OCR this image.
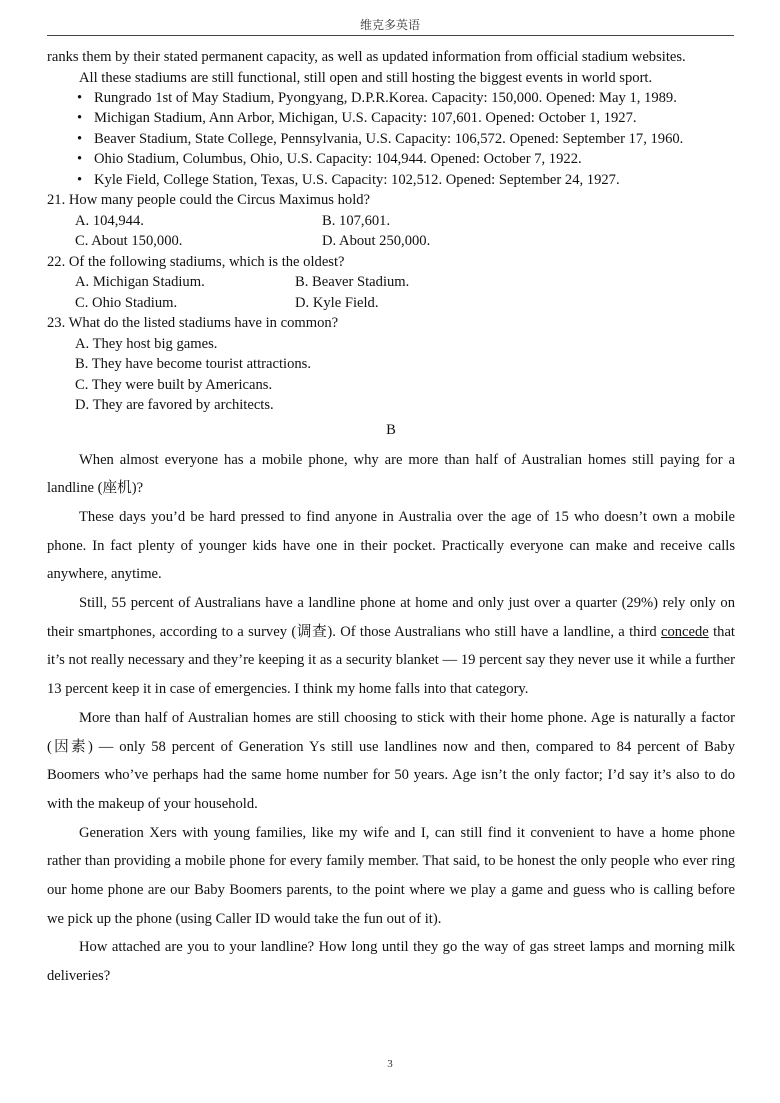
维克多英语
ranks them by their stated permanent capacity, as well as updated information from official stadium websites.
All these stadiums are still functional, still open and still hosting the biggest events in world sport.
• Rungrado 1st of May Stadium, Pyongyang, D.P.R.Korea. Capacity: 150,000. Opened: May 1, 1989.
• Michigan Stadium, Ann Arbor, Michigan, U.S. Capacity: 107,601. Opened: October 1, 1927.
• Beaver Stadium, State College, Pennsylvania, U.S. Capacity: 106,572. Opened: September 17, 1960.
• Ohio Stadium, Columbus, Ohio, U.S. Capacity: 104,944. Opened: October 7, 1922.
• Kyle Field, College Station, Texas, U.S. Capacity: 102,512. Opened: September 24, 1927.
21. How many people could the Circus Maximus hold?
A. 104,944.	B. 107,601.
C. About 150,000.	D. About 250,000.
22. Of the following stadiums, which is the oldest?
A. Michigan Stadium.	B. Beaver Stadium.
C. Ohio Stadium.	D. Kyle Field.
23. What do the listed stadiums have in common?
A. They host big games.
B. They have become tourist attractions.
C. They were built by Americans.
D. They are favored by architects.
B
When almost everyone has a mobile phone, why are more than half of Australian homes still paying for a landline (座机)?
These days you’d be hard pressed to find anyone in Australia over the age of 15 who doesn’t own a mobile phone. In fact plenty of younger kids have one in their pocket. Practically everyone can make and receive calls anywhere, anytime.
Still, 55 percent of Australians have a landline phone at home and only just over a quarter (29%) rely only on their smartphones, according to a survey (调查). Of those Australians who still have a landline, a third concede that it’s not really necessary and they’re keeping it as a security blanket — 19 percent say they never use it while a further 13 percent keep it in case of emergencies. I think my home falls into that category.
More than half of Australian homes are still choosing to stick with their home phone. Age is naturally a factor (因素) — only 58 percent of Generation Ys still use landlines now and then, compared to 84 percent of Baby Boomers who’ve perhaps had the same home number for 50 years. Age isn’t the only factor; I’d say it’s also to do with the makeup of your household.
Generation Xers with young families, like my wife and I, can still find it convenient to have a home phone rather than providing a mobile phone for every family member. That said, to be honest the only people who ever ring our home phone are our Baby Boomers parents, to the point where we play a game and guess who is calling before we pick up the phone (using Caller ID would take the fun out of it).
How attached are you to your landline? How long until they go the way of gas street lamps and morning milk deliveries?
3
